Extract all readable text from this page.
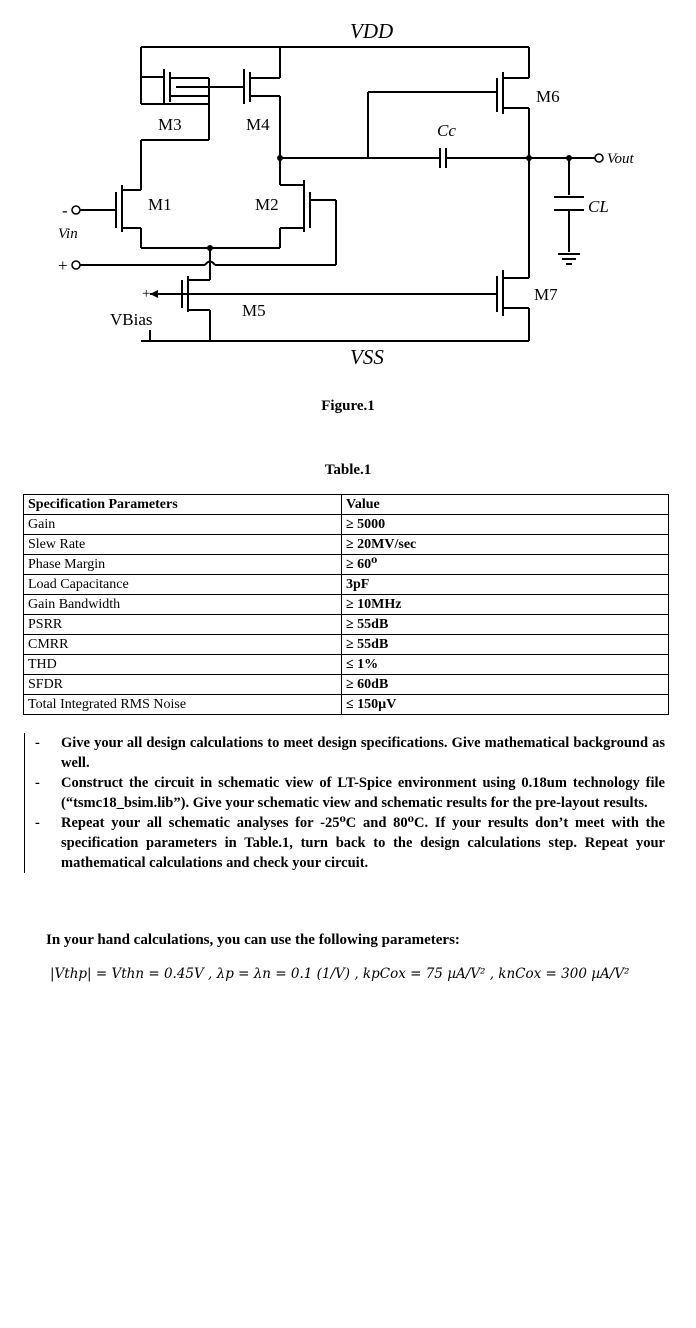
VDD
VSS
M3	M4
M1	M2
M5
M6
M7
Cc
CL
Vout
Vin
-
+
+
VBias
-
Figure.1
Table.1
Specification Parameters	Value
Gain	≥ 5000
Slew Rate	≥ 20MV/sec
Phase Margin	≥ 60⁰
Load Capacitance	3pF
Gain Bandwidth	≥ 10MHz
PSRR	≥ 55dB
CMRR	≥ 55dB
THD	≤ 1%
SFDR	≥ 60dB
Total Integrated RMS Noise	≤ 150µV

- Give your all design calculations to meet design specifications. Give mathematical background as well.

- Construct the circuit in schematic view of LT-Spice environment using 0.18um technology file (“tsmc18_bsim.lib”). Give your schematic view and schematic results for the pre-layout results.

- Repeat your all schematic analyses for -25⁰C and 80⁰C. If your results don’t meet with the specification parameters in Table.1, turn back to the design calculations step. Repeat your mathematical calculations and check your circuit.

In your hand calculations, you can use the following parameters:
|Vthp| = Vthn = 0.45V , λp = λn = 0.1 (1/V) , kpCox = 75 µA/V² , knCox = 300 µA/V²
